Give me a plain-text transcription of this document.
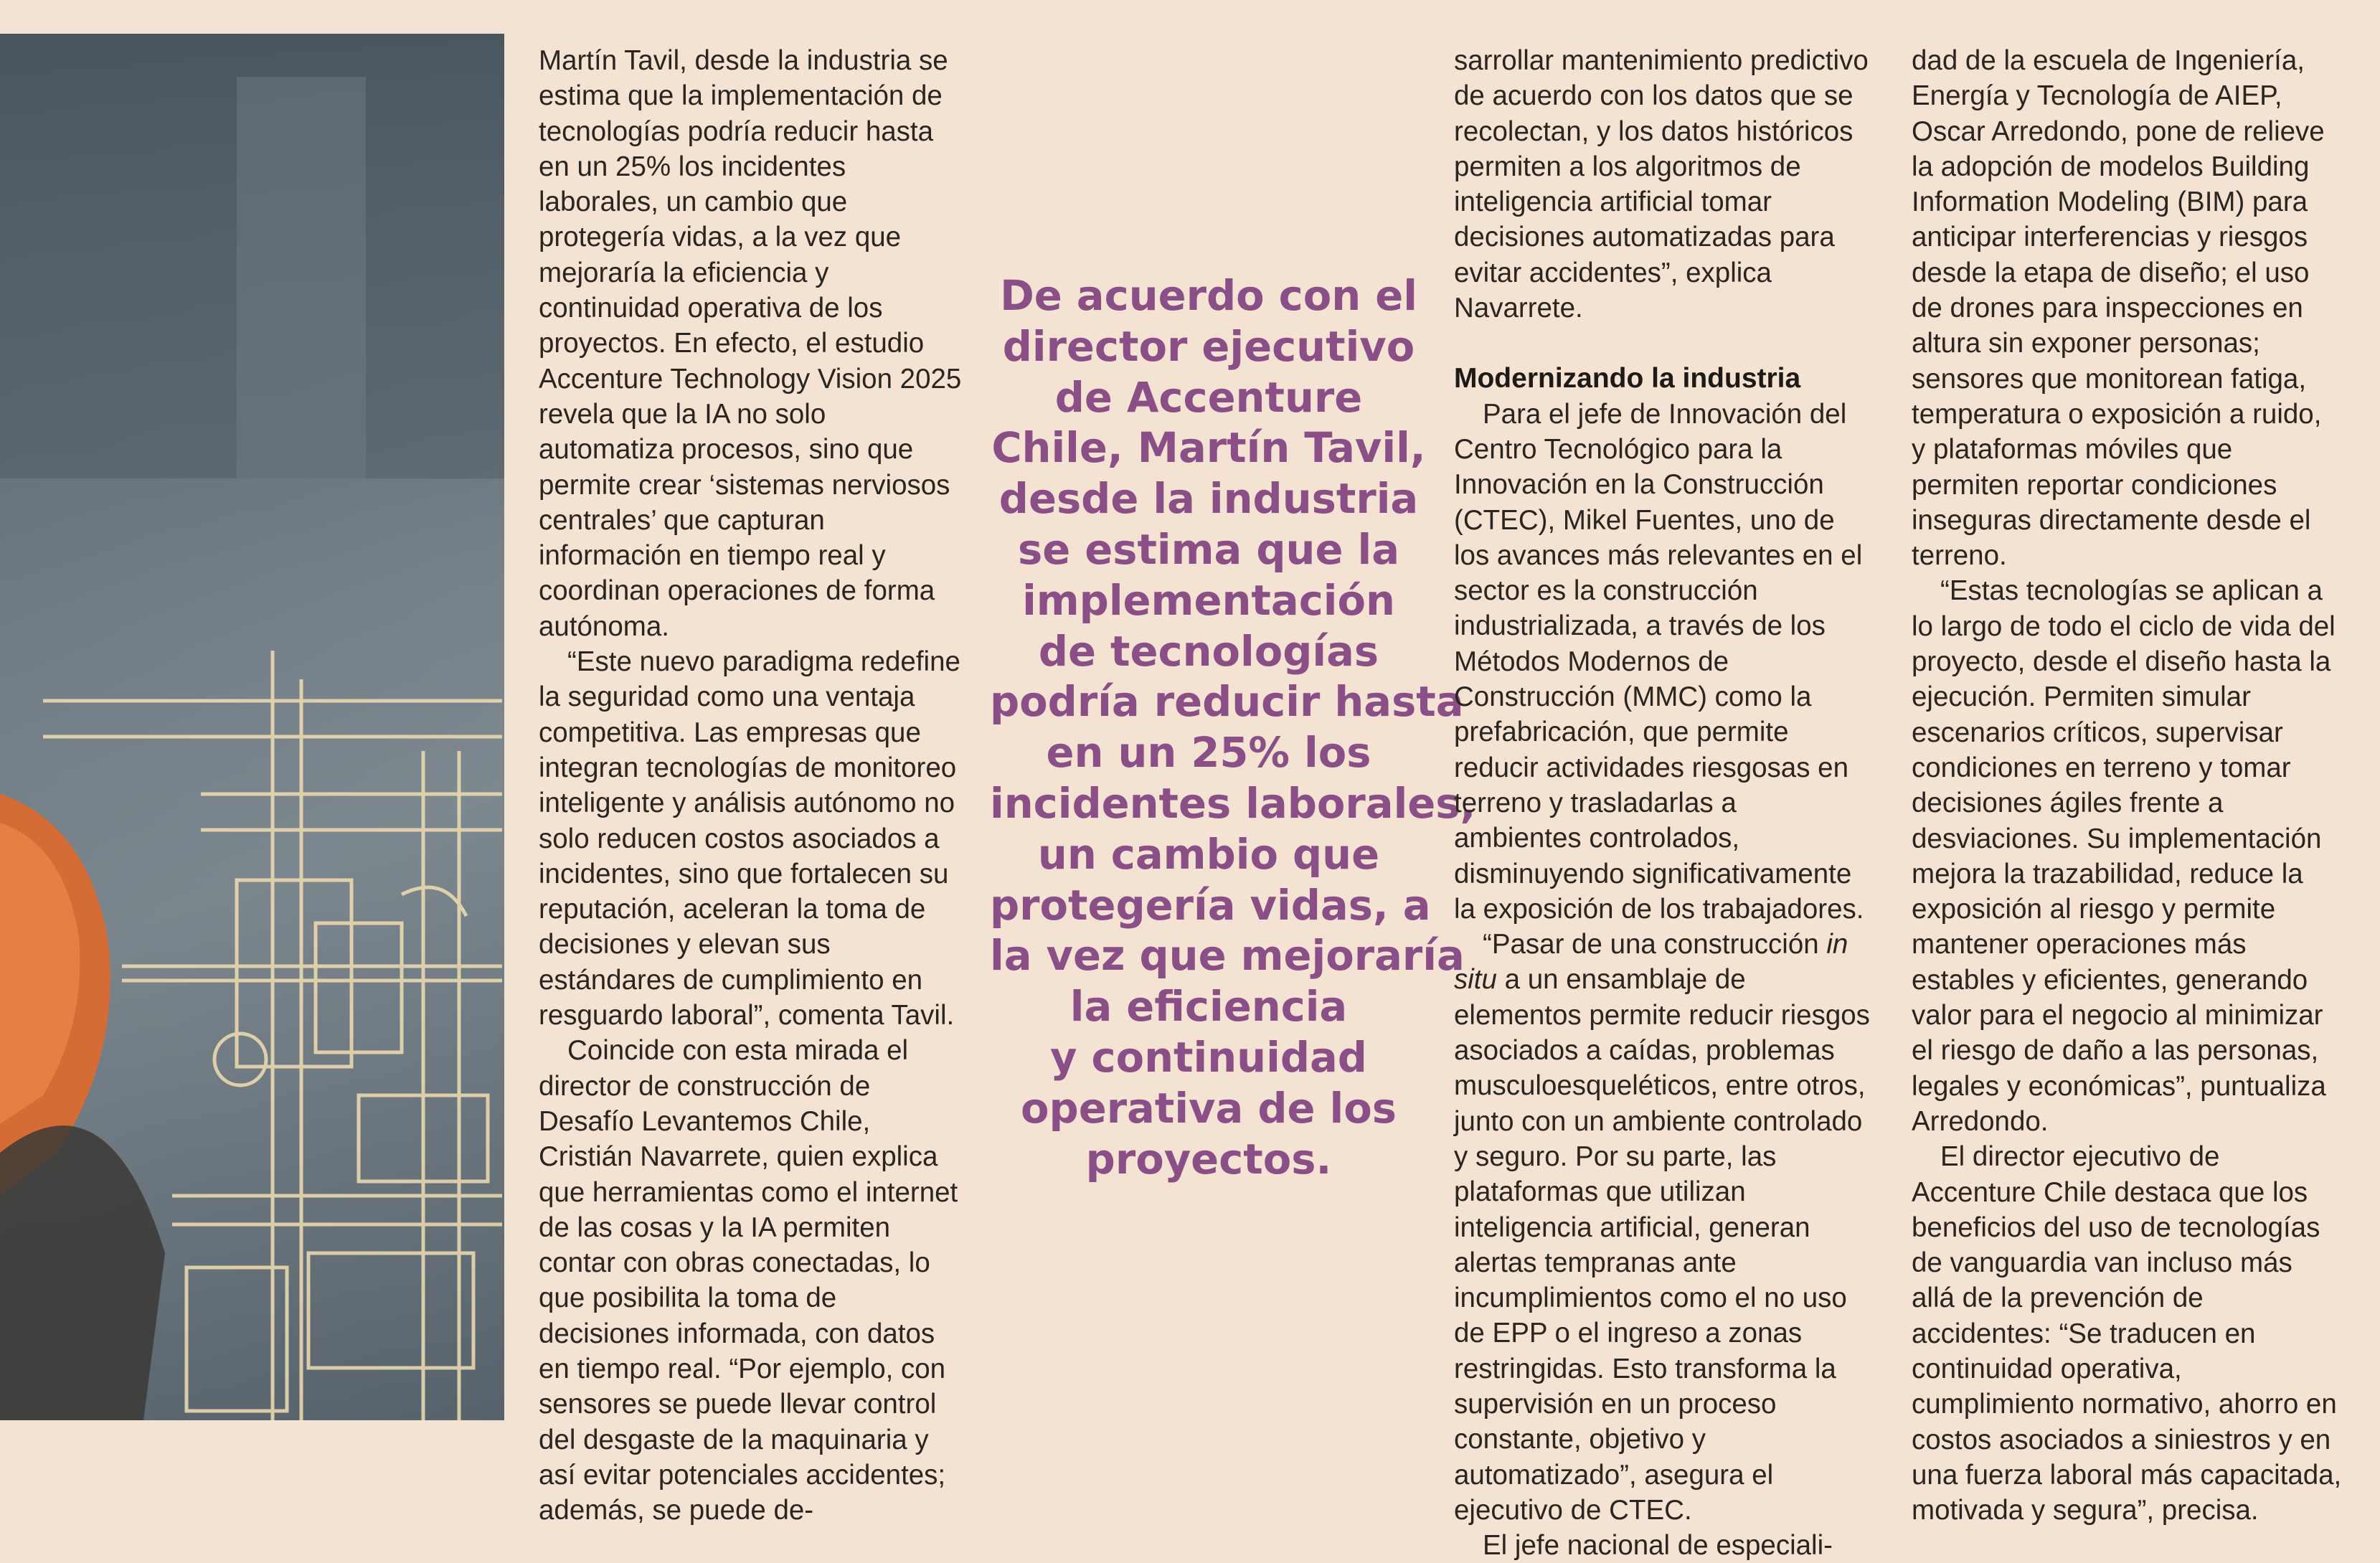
Martín Tavil, desde la industria se estima que la implementación de tecnologías podría reducir hasta en un 25% los incidentes laborales, un cambio que protegería vidas, a la vez que mejoraría la eficiencia y continuidad operativa de los proyectos. En efecto, el estudio Accenture Technology Vision 2025 revela que la IA no solo automatiza procesos, sino que permite crear ‘sistemas nerviosos centrales’ que capturan información en tiempo real y coordinan operaciones de forma autónoma.

“Este nuevo paradigma redefine la seguridad como una ventaja competitiva. Las empresas que integran tecnologías de monitoreo inteligente y análisis autónomo no solo reducen costos asociados a incidentes, sino que fortalecen su reputación, aceleran la toma de decisiones y elevan sus estándares de cumplimiento en resguardo laboral”, comenta Tavil.

Coincide con esta mirada el director de construcción de Desafío Levantemos Chile, Cristián Navarrete, quien explica que herramientas como el internet de las cosas y la IA permiten contar con obras conectadas, lo que posibilita la toma de decisiones informada, con datos en tiempo real. “Por ejemplo, con sensores se puede llevar control del desgaste de la maquinaria y así evitar potenciales accidentes; además, se puede de-

De acuerdo con el
director ejecutivo
de Accenture
Chile, Martín Tavil,
desde la industria
se estima que la
implementación
de tecnologías
podría reducir hasta
en un 25% los
incidentes laborales,
un cambio que
protegería vidas, a
la vez que mejoraría
la eficiencia
y continuidad
operativa de los
proyectos.

sarrollar mantenimiento predictivo de acuerdo con los datos que se recolectan, y los datos históricos permiten a los algoritmos de inteligencia artificial tomar decisiones automatizadas para evitar accidentes”, explica Navarrete.

Modernizando la industria

Para el jefe de Innovación del Centro Tecnológico para la Innovación en la Construcción (CTEC), Mikel Fuentes, uno de los avances más relevantes en el sector es la construcción industrializada, a través de los Métodos Modernos de Construcción (MMC) como la prefabricación, que permite reducir actividades riesgosas en terreno y trasladarlas a ambientes controlados, disminuyendo significativamente la exposición de los trabajadores.

“Pasar de una construcción in situ a un ensamblaje de elementos permite reducir riesgos asociados a caídas, problemas musculoesqueléticos, entre otros, junto con un ambiente controlado y seguro. Por su parte, las plataformas que utilizan inteligencia artificial, generan alertas tempranas ante incumplimientos como el no uso de EPP o el ingreso a zonas restringidas. Esto transforma la supervisión en un proceso constante, objetivo y automatizado”, asegura el ejecutivo de CTEC.

El jefe nacional de especiali-

dad de la escuela de Ingeniería, Energía y Tecnología de AIEP, Oscar Arredondo, pone de relieve la adopción de modelos Building Information Modeling (BIM) para anticipar interferencias y riesgos desde la etapa de diseño; el uso de drones para inspecciones en altura sin exponer personas; sensores que monitorean fatiga, temperatura o exposición a ruido, y plataformas móviles que permiten reportar condiciones inseguras directamente desde el terreno.

“Estas tecnologías se aplican a lo largo de todo el ciclo de vida del proyecto, desde el diseño hasta la ejecución. Permiten simular escenarios críticos, supervisar condiciones en terreno y tomar decisiones ágiles frente a desviaciones. Su implementación mejora la trazabilidad, reduce la exposición al riesgo y permite mantener operaciones más estables y eficientes, generando valor para el negocio al minimizar el riesgo de daño a las personas, legales y económicas”, puntualiza Arredondo.

El director ejecutivo de Accenture Chile destaca que los beneficios del uso de tecnologías de vanguardia van incluso más allá de la prevención de accidentes: “Se traducen en continuidad operativa, cumplimiento normativo, ahorro en costos asociados a siniestros y en una fuerza laboral más capacitada, motivada y segura”, precisa.
